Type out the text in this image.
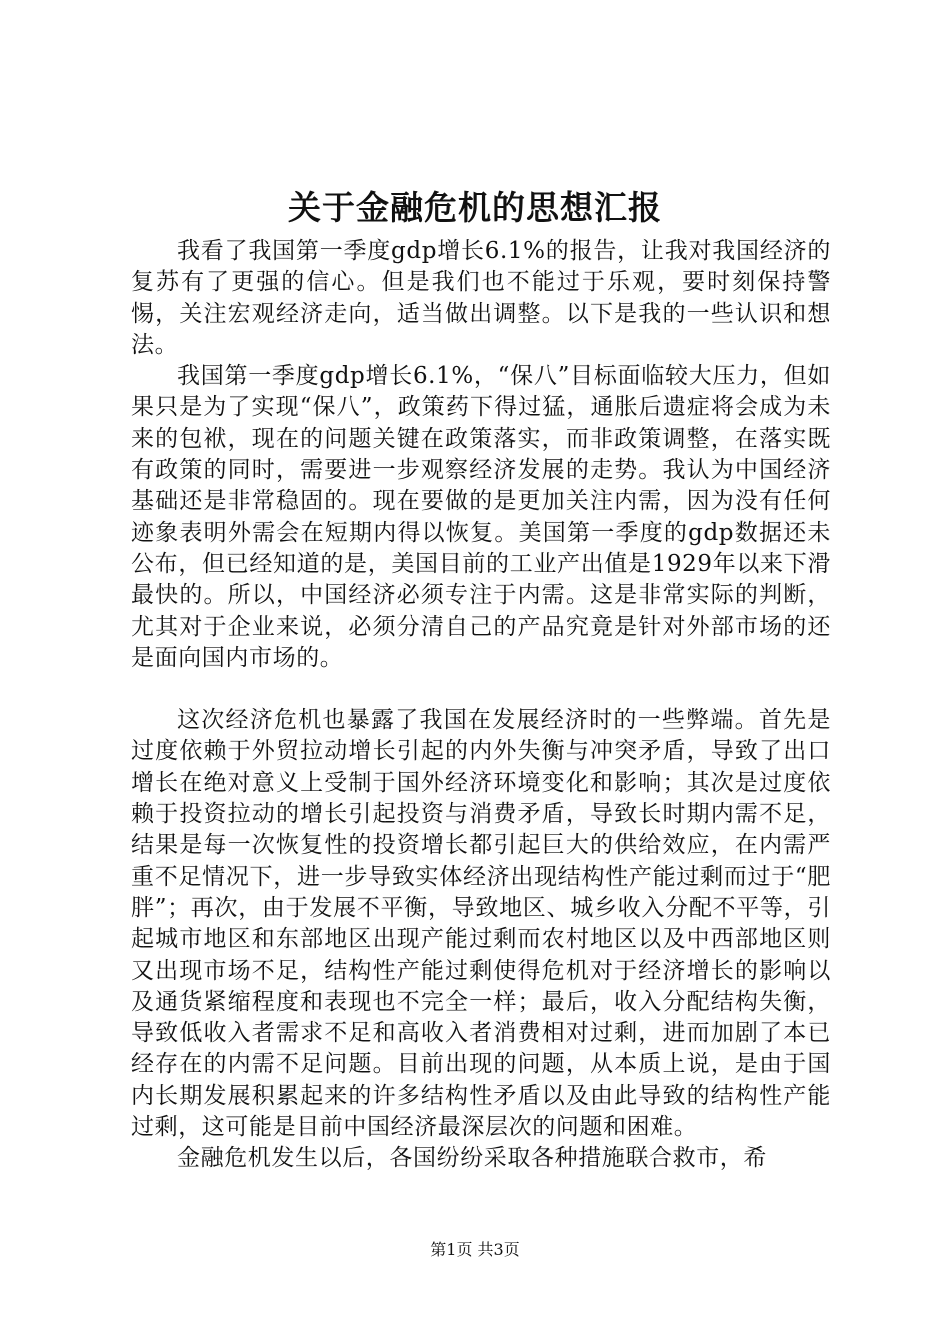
关于金融危机的思想汇报

我看了我国第一季度gdp增长6.1%的报告，让我对我国经济的复苏有了更强的信心。但是我们也不能过于乐观，要时刻保持警惕，关注宏观经济走向，适当做出调整。以下是我的一些认识和想法。

我国第一季度gdp增长6.1%，“保八”目标面临较大压力，但如果只是为了实现“保八”，政策药下得过猛，通胀后遗症将会成为未来的包袱，现在的问题关键在政策落实，而非政策调整，在落实既有政策的同时，需要进一步观察经济发展的走势。我认为中国经济基础还是非常稳固的。现在要做的是更加关注内需，因为没有任何迹象表明外需会在短期内得以恢复。美国第一季度的gdp数据还未公布，但已经知道的是，美国目前的工业产出值是1929年以来下滑最快的。所以，中国经济必须专注于内需。这是非常实际的判断，尤其对于企业来说，必须分清自己的产品究竟是针对外部市场的还是面向国内市场的。

这次经济危机也暴露了我国在发展经济时的一些弊端。首先是过度依赖于外贸拉动增长引起的内外失衡与冲突矛盾，导致了出口增长在绝对意义上受制于国外经济环境变化和影响；其次是过度依赖于投资拉动的增长引起投资与消费矛盾，导致长时期内需不足，结果是每一次恢复性的投资增长都引起巨大的供给效应，在内需严重不足情况下，进一步导致实体经济出现结构性产能过剩而过于“肥胖”；再次，由于发展不平衡，导致地区、城乡收入分配不平等，引起城市地区和东部地区出现产能过剩而农村地区以及中西部地区则又出现市场不足，结构性产能过剩使得危机对于经济增长的影响以及通货紧缩程度和表现也不完全一样；最后，收入分配结构失衡，导致低收入者需求不足和高收入者消费相对过剩，进而加剧了本已经存在的内需不足问题。目前出现的问题，从本质上说，是由于国内长期发展积累起来的许多结构性矛盾以及由此导致的结构性产能过剩，这可能是目前中国经济最深层次的问题和困难。

金融危机发生以后，各国纷纷采取各种措施联合救市，希

第1页 共3页
